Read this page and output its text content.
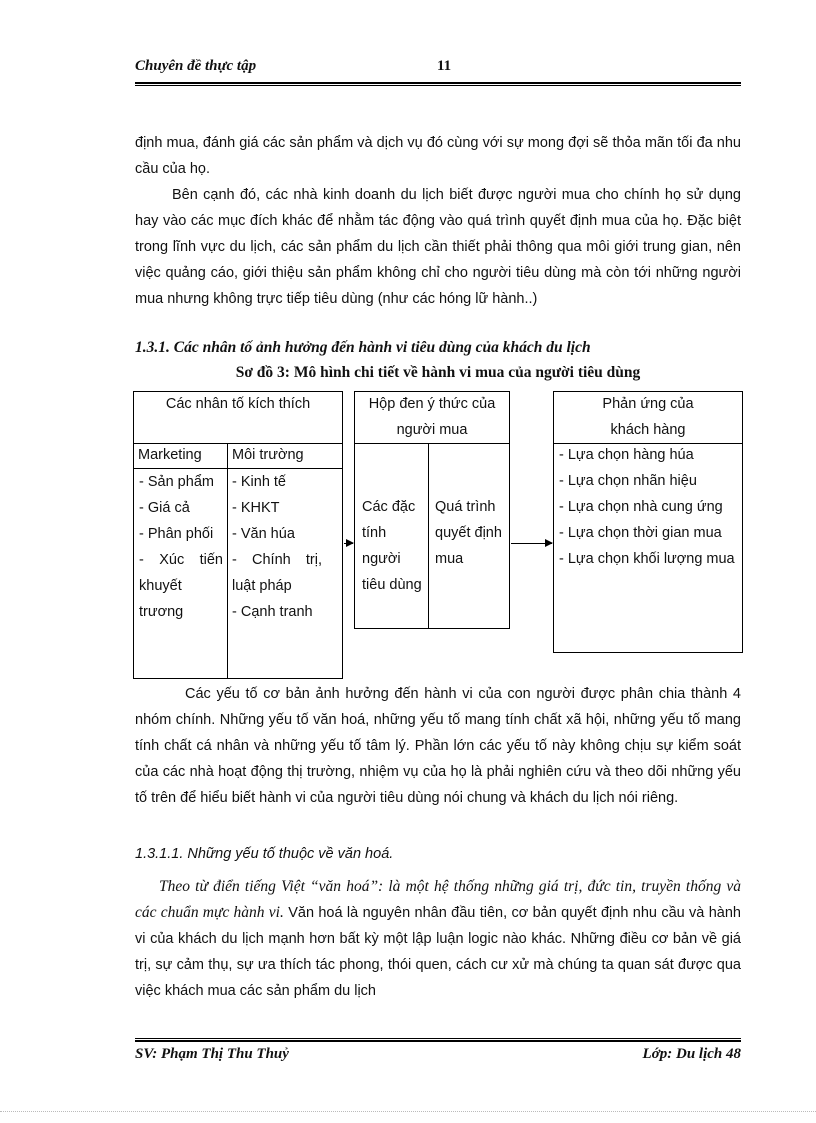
Chuyên đề thực tập	11

định mua, đánh giá các sản phẩm và dịch vụ đó cùng với sự mong đợi sẽ thỏa mãn tối đa nhu cầu của họ.

Bên cạnh đó, các nhà kinh doanh du lịch biết được người mua cho chính họ sử dụng hay vào các mục đích khác để nhằm tác động vào quá trình quyết định mua của họ. Đặc biệt trong lĩnh vực du lịch, các sản phẩm du lịch cần thiết phải thông qua môi giới trung gian, nên việc quảng cáo, giới thiệu sản phẩm không chỉ cho người tiêu dùng mà còn tới những người mua nhưng không trực tiếp tiêu dùng (như các hóng lữ hành..)

1.3.1. Các nhân tố ảnh hưởng đến hành vi tiêu dùng của khách du lịch
Sơ đồ 3: Mô hình chi tiết về hành vi mua của người tiêu dùng
Các nhân tố kích thích
Marketing	Môi trường
- Sản phẩm
- Giá cả
- Phân phối
- Xúc tiến khuyết trương
- Kinh tế
- KHKT
- Văn húa
- Chính trị, luật pháp
- Cạnh tranh
Hộp đen ý thức của người mua
Các đặc tính người tiêu dùng
Quá trình quyết định mua
Phản ứng của khách hàng
- Lựa chọn hàng húa
- Lựa chọn nhãn hiệu
- Lựa chọn nhà cung ứng
- Lựa chọn thời gian mua
- Lựa chọn khối lượng mua

Các yếu tố cơ bản ảnh hưởng đến hành vi của con người được phân chia thành 4 nhóm chính. Những yếu tố văn hoá, những yếu tố mang tính chất xã hội, những yếu tố mang tính chất cá nhân và những yếu tố tâm lý. Phần lớn các yếu tố này không chịu sự kiểm soát của các nhà hoạt động thị trường, nhiệm vụ của họ là phải nghiên cứu và theo dõi những yếu tố trên để hiểu biết hành vi của người tiêu dùng nói chung và khách du lịch nói riêng.

1.3.1.1. Những yếu tố thuộc về văn hoá.

Theo từ điển tiếng Việt “văn hoá”: là một hệ thống những giá trị, đức tin, truyền thống và các chuẩn mực hành vi. Văn hoá là nguyên nhân đầu tiên, cơ bản quyết định nhu cầu và hành vi của khách du lịch mạnh hơn bất kỳ một lập luận logic nào khác. Những điều cơ bản về giá trị, sự cảm thụ, sự ưa thích tác phong, thói quen, cách cư xử mà chúng ta quan sát được qua việc khách mua các sản phẩm du lịch

SV: Phạm Thị Thu Thuỷ	Lớp: Du lịch 48
